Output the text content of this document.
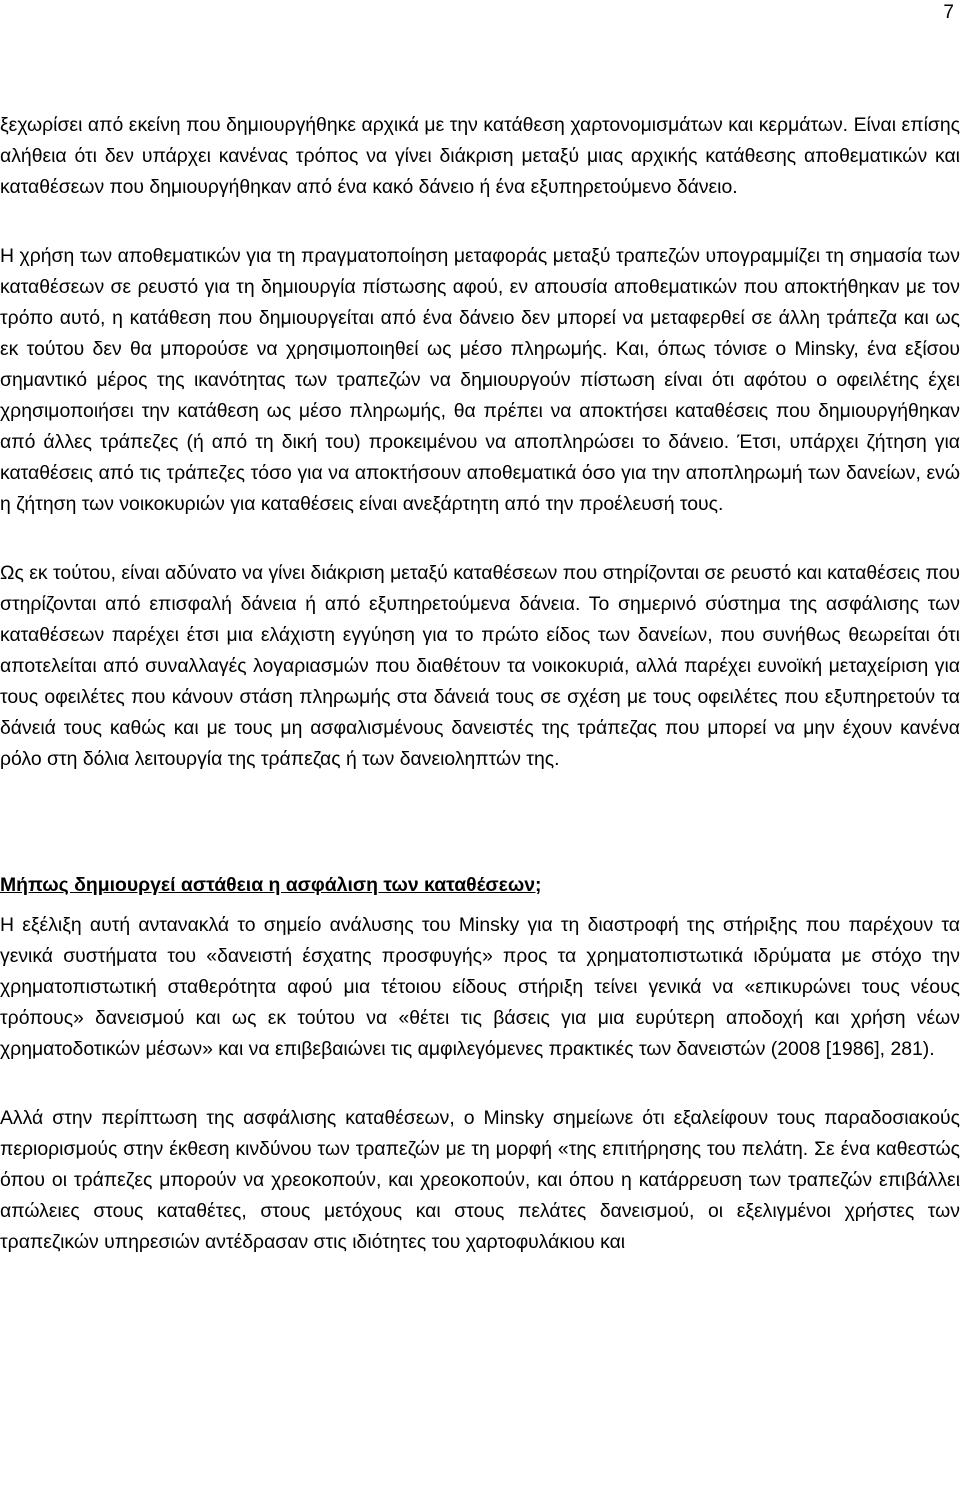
7

ξεχωρίσει από εκείνη που δημιουργήθηκε αρχικά με την κατάθεση χαρτονομισμάτων και κερμάτων. Είναι επίσης αλήθεια ότι δεν υπάρχει κανένας τρόπος να γίνει διάκριση μεταξύ μιας αρχικής κατάθεσης αποθεματικών και καταθέσεων που δημιουργήθηκαν από ένα κακό δάνειο ή ένα εξυπηρετούμενο δάνειο.

Η χρήση των αποθεματικών για τη πραγματοποίηση μεταφοράς μεταξύ τραπεζών υπογραμμίζει τη σημασία των καταθέσεων σε ρευστό για τη δημιουργία πίστωσης αφού, εν απουσία αποθεματικών που αποκτήθηκαν με τον τρόπο αυτό, η κατάθεση που δημιουργείται από ένα δάνειο δεν μπορεί να μεταφερθεί σε άλλη τράπεζα και ως εκ τούτου δεν θα μπορούσε να χρησιμοποιηθεί ως μέσο πληρωμής. Και, όπως τόνισε ο Minsky, ένα εξίσου σημαντικό μέρος της ικανότητας των τραπεζών να δημιουργούν πίστωση είναι ότι αφότου ο οφειλέτης έχει χρησιμοποιήσει την κατάθεση ως μέσο πληρωμής, θα πρέπει να αποκτήσει καταθέσεις που δημιουργήθηκαν από άλλες τράπεζες (ή από τη δική του) προκειμένου να αποπληρώσει το δάνειο. Έτσι, υπάρχει ζήτηση για καταθέσεις από τις τράπεζες τόσο για να αποκτήσουν αποθεματικά όσο για την αποπληρωμή των δανείων, ενώ η ζήτηση των νοικοκυριών για καταθέσεις είναι ανεξάρτητη από την προέλευσή τους.

Ως εκ τούτου, είναι αδύνατο να γίνει διάκριση μεταξύ καταθέσεων που στηρίζονται σε ρευστό και καταθέσεις που στηρίζονται από επισφαλή δάνεια ή από εξυπηρετούμενα δάνεια. Το σημερινό σύστημα της ασφάλισης των καταθέσεων παρέχει έτσι μια ελάχιστη εγγύηση για το πρώτο είδος των δανείων, που συνήθως θεωρείται ότι αποτελείται από συναλλαγές λογαριασμών που διαθέτουν τα νοικοκυριά, αλλά παρέχει ευνοϊκή μεταχείριση για τους οφειλέτες που κάνουν στάση πληρωμής στα δάνειά τους σε σχέση με τους οφειλέτες που εξυπηρετούν τα δάνειά τους καθώς και με τους μη ασφαλισμένους δανειστές της τράπεζας που μπορεί να μην έχουν κανένα ρόλο στη δόλια λειτουργία της τράπεζας ή των δανειοληπτών της.

Μήπως δημιουργεί αστάθεια η ασφάλιση των καταθέσεων;

Η εξέλιξη αυτή αντανακλά το σημείο ανάλυσης του Minsky για τη διαστροφή της στήριξης που παρέχουν τα γενικά συστήματα του «δανειστή έσχατης προσφυγής» προς τα χρηματοπιστωτικά ιδρύματα με στόχο την χρηματοπιστωτική σταθερότητα αφού μια τέτοιου είδους στήριξη τείνει γενικά να «επικυρώνει τους νέους τρόπους» δανεισμού και ως εκ τούτου να «θέτει τις βάσεις για μια ευρύτερη αποδοχή και χρήση νέων χρηματοδοτικών μέσων» και να επιβεβαιώνει τις αμφιλεγόμενες πρακτικές των δανειστών (2008 [1986], 281).

Αλλά στην περίπτωση της ασφάλισης καταθέσεων, ο Minsky σημείωνε ότι εξαλείφουν τους παραδοσιακούς περιορισμούς στην έκθεση κινδύνου των τραπεζών με τη μορφή «της επιτήρησης του πελάτη. Σε ένα καθεστώς όπου οι τράπεζες μπορούν να χρεοκοπούν, και χρεοκοπούν, και όπου η κατάρρευση των τραπεζών επιβάλλει απώλειες στους καταθέτες, στους μετόχους και στους πελάτες δανεισμού, οι εξελιγμένοι χρήστες των τραπεζικών υπηρεσιών αντέδρασαν στις ιδιότητες του χαρτοφυλάκιου και
